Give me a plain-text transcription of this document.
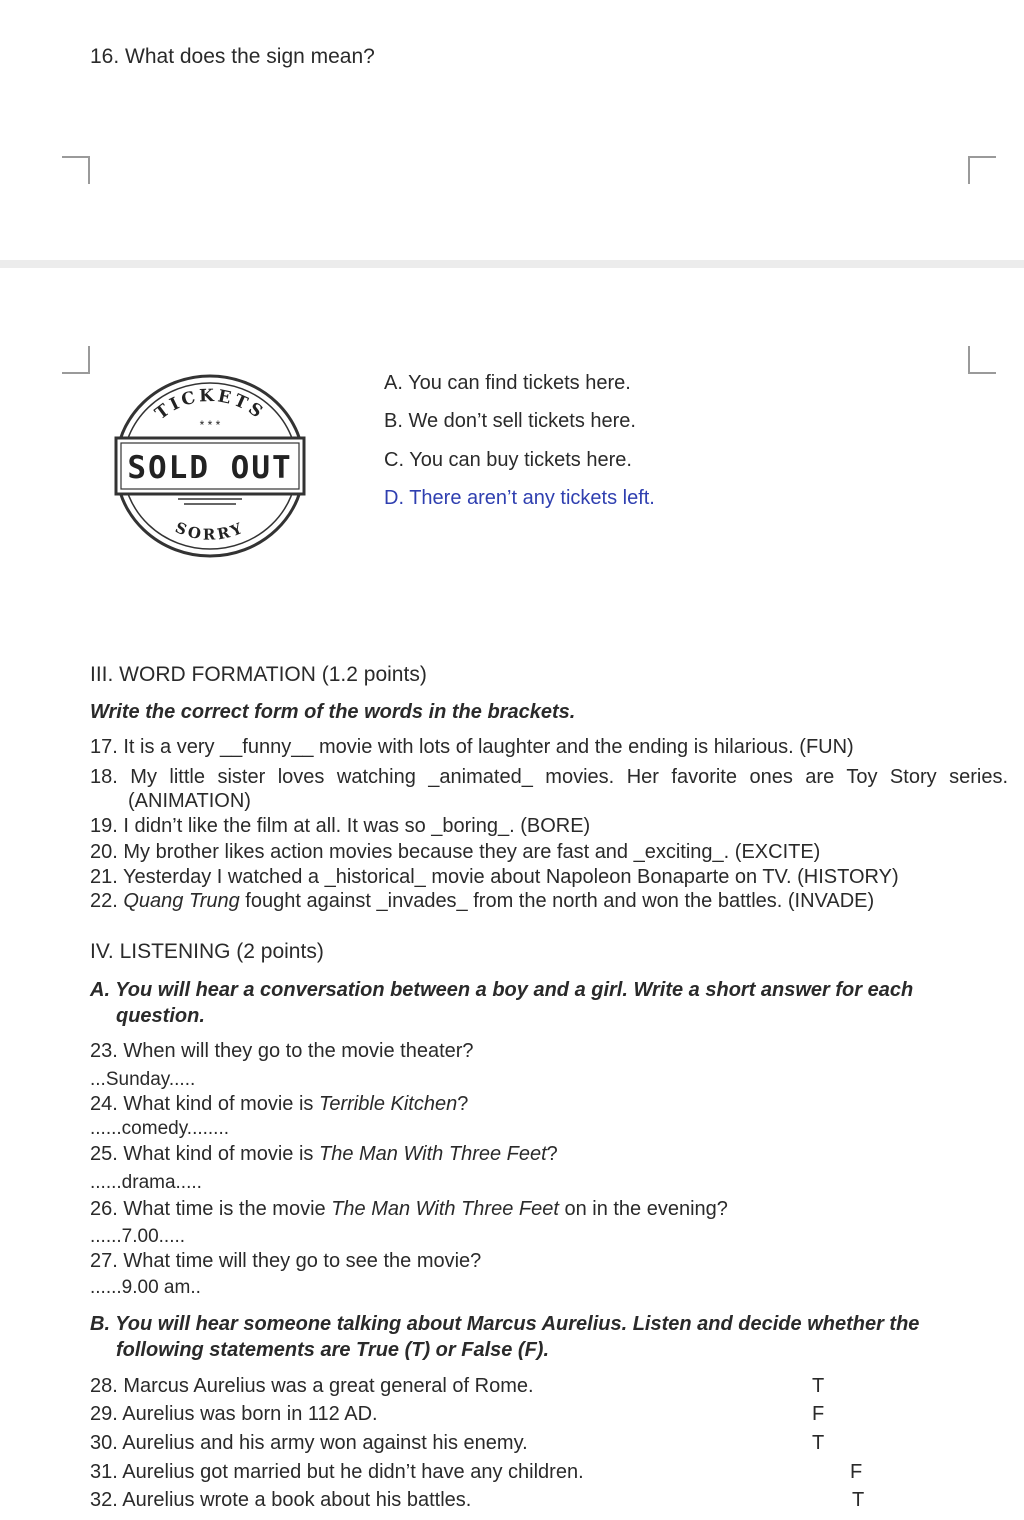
16. What does the sign mean?
TICKETS
* * *
SOLD OUT
SORRY
A. You can find tickets here.
B. We don’t sell tickets here.
C. You can buy tickets here.
D. There aren’t any tickets left.
III. WORD FORMATION (1.2 points)
Write the correct form of the words in the brackets.
17. It is a very __funny__ movie with lots of laughter and the ending is hilarious. (FUN)
18. My little sister loves watching _animated_ movies. Her favorite ones are Toy Story series. (ANIMATION)
19. I didn’t like the film at all. It was so _boring_. (BORE)
20. My brother likes action movies because they are fast and _exciting_. (EXCITE)
21. Yesterday I watched a _historical_ movie about Napoleon Bonaparte on TV. (HISTORY)
22. Quang Trung fought against _invades_ from the north and won the battles. (INVADE)
IV. LISTENING (2 points)
A. You will hear a conversation between a boy and a girl. Write a short answer for each question.
23. When will they go to the movie theater?
...Sunday.....
24. What kind of movie is Terrible Kitchen?
......comedy........
25. What kind of movie is The Man With Three Feet?
......drama.....
26. What time is the movie The Man With Three Feet on in the evening?
......7.00.....
27. What time will they go to see the movie?
......9.00 am..
B. You will hear someone talking about Marcus Aurelius. Listen and decide whether the following statements are True (T) or False (F).
28. Marcus Aurelius was a great general of Rome.	T
29. Aurelius was born in 112 AD.	F
30. Aurelius and his army won against his enemy.	T
31. Aurelius got married but he didn’t have any children.	F
32. Aurelius wrote a book about his battles.	T
